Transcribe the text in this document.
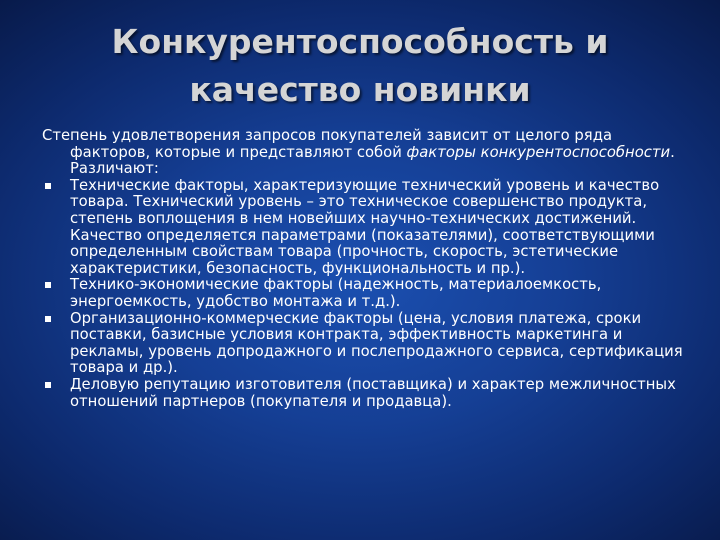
Конкурентоспособность и
качество новинки

Степень удовлетворения запросов покупателей зависит от целого ряда факторов, которые и представляют собой факторы конкурентоспособности. Различают:

Технические факторы, характеризующие технический уровень и качество товара. Технический уровень – это техническое совершенство продукта, степень воплощения в нем новейших научно-технических достижений. Качество определяется параметрами (показателями), соответствующими определенным свойствам товара (прочность, скорость, эстетические характеристики, безопасность, функциональность и пр.).
Технико-экономические факторы (надежность, материалоемкость, энергоемкость, удобство монтажа и т.д.).
Организационно-коммерческие факторы (цена, условия платежа, сроки поставки, базисные условия контракта, эффективность маркетинга и рекламы, уровень допродажного и послепродажного сервиса, сертификация товара и др.).
Деловую репутацию изготовителя (поставщика) и характер межличностных отношений партнеров (покупателя и продавца).
